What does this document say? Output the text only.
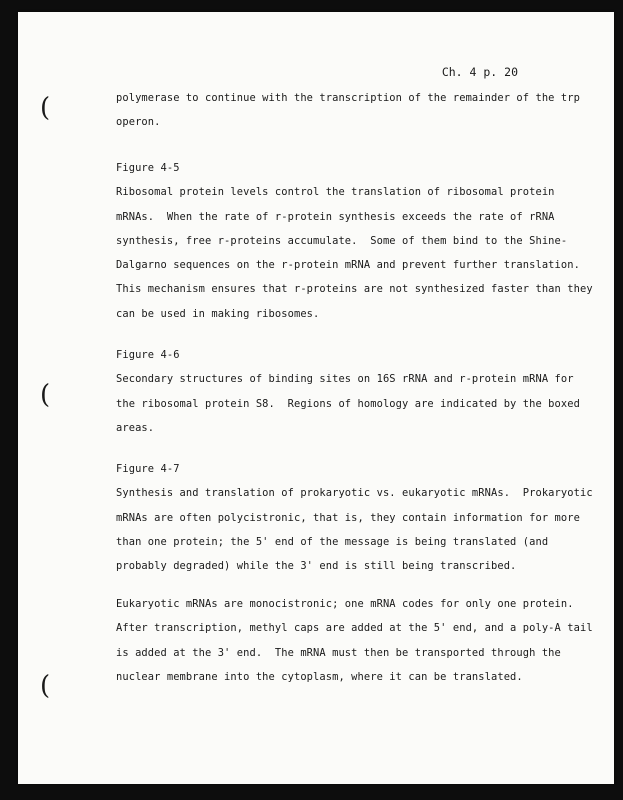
(
(
(
Ch. 4 p. 20
polymerase to continue with the transcription of the remainder of the trp
operon.
Figure 4-5
Ribosomal protein levels control the translation of ribosomal protein
mRNAs.  When the rate of r-protein synthesis exceeds the rate of rRNA
synthesis, free r-proteins accumulate.  Some of them bind to the Shine-
Dalgarno sequences on the r-protein mRNA and prevent further translation.
This mechanism ensures that r-proteins are not synthesized faster than they
can be used in making ribosomes.
Figure 4-6
Secondary structures of binding sites on 16S rRNA and r-protein mRNA for
the ribosomal protein S8.  Regions of homology are indicated by the boxed
areas.
Figure 4-7
Synthesis and translation of prokaryotic vs. eukaryotic mRNAs.  Prokaryotic
mRNAs are often polycistronic, that is, they contain information for more
than one protein; the 5' end of the message is being translated (and
probably degraded) while the 3' end is still being transcribed.
Eukaryotic mRNAs are monocistronic; one mRNA codes for only one protein.
After transcription, methyl caps are added at the 5' end, and a poly-A tail
is added at the 3' end.  The mRNA must then be transported through the
nuclear membrane into the cytoplasm, where it can be translated.
